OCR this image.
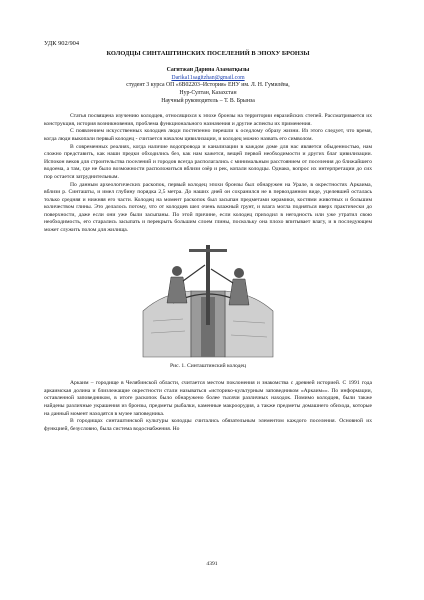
УДК 902/904
КОЛОДЦЫ СИНТАШТИНСКИХ ПОСЕЛЕНИЙ В ЭПОХУ БРОНЗЫ
Сагитжан Дарина Азаматқызы
Darika11sagitzhan@gmail.com
студент 3 курса ОП «6В02203–История» ЕНУ им. Л. Н. Гумилёва,
Нур-Султан, Казахстан
Научный руководитель – Т. В. Брынза

Статья посвящена изучению колодцев, относящихся к эпохе бронзы на территории евразийских степей. Рассматривается их конструкция, история возникновения, проблема функционального назначения и другие аспекты их применения.

С появлением искусственных колодцев люди постепенно перешли к оседлому образу жизни. Из этого следует, что время, когда люди выкопали первый колодец - считается началом цивилизации, и колодец можно назвать его символом.

В современных реалиях, когда наличие водопровода и канализации в каждом доме для нас является обыденностью, нам сложно представить, как наши предки обходились без, как нам кажется, вещей первой необходимости и других благ цивилизации. Испокон веков для строительства поселений и городов всегда располагались с минимальным расстоянием от поселения до ближайшего водоема, а там, где не было возможности расположиться вблизи озёр и рек, копали колодцы. Однако, вопрос их интерпретации до сих пор остается затруднительным.

По данным археологических раскопок, первый колодец эпохи бронзы был обнаружен на Урале, в окрестностях Аркаима, вблизи р. Синташты, и имел глубину порядка 2,5 метра. До наших дней он сохранился не в первозданном виде, уцелевшей осталась только средняя и нижняя его части. Колодец на момент раскопок был засыпан предметами керамики, костями животных и большим количеством глины. Это делалось потому, что от колодцев шел очень влажный грунт, и влага могла подняться вверх практически до поверхности, даже если они уже были засыпаны. По этой причине, если колодец приходил в негодность или уже утратил свою необходимость, его старались засыпать и перекрыть большим слоем глины, поскольку она плохо впитывает влагу, и в последующем может служить полом для жилища.

Рис. 1. Синташтинский колодец

Аркаим – городище в Челябинской области, считается местом поклонения и знакомства с древней историей. С 1991 года аркаимская долина и близлежащие окрестности стали называться «историко-культурным заповедником «Аркаим»». По информации, оставленной заповедником, в итоге раскопок было обнаружено более тысячи различных находок. Помимо колодцев, были также найдены различные украшения из бронзы, предметы рыбалки, каменные макроорудия, а также предметы домашнего обихода, которые на данный момент находятся в музее заповедника.

В городищах синташтинской культуры колодцы считались обязательным элементом каждого поселения. Основной их функцией, безусловно, была система водоснабжения. Но

4391
